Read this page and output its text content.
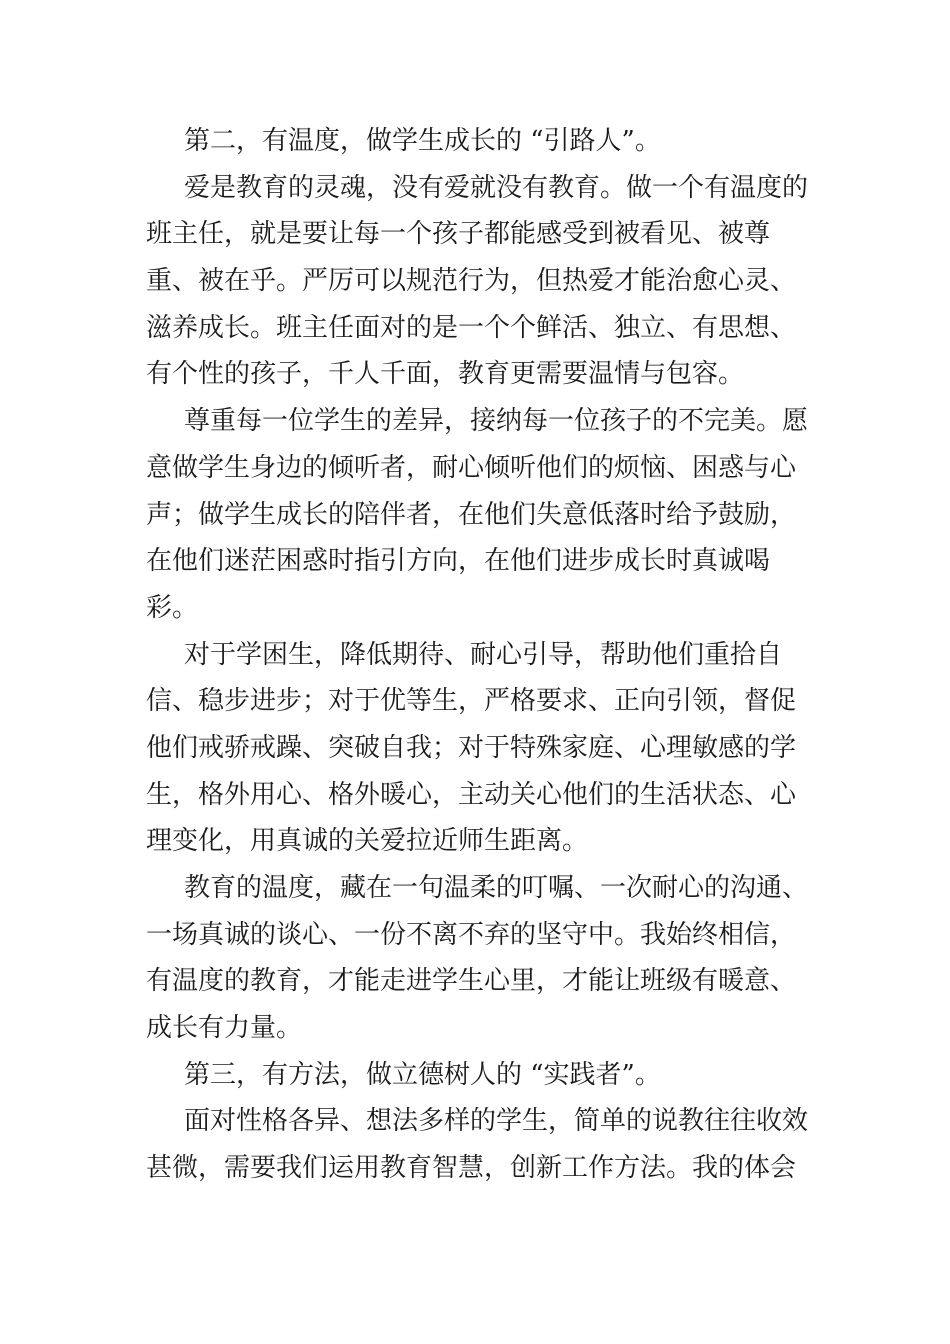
第二，有温度，做学生成长的 “引路人”。
爱是教育的灵魂，没有爱就没有教育。做一个有温度的
班主任，就是要让每一个孩子都能感受到被看见、被尊
重、被在乎。严厉可以规范行为，但热爱才能治愈心灵、
滋养成长。班主任面对的是一个个鲜活、独立、有思想、
有个性的孩子，千人千面，教育更需要温情与包容。
尊重每一位学生的差异，接纳每一位孩子的不完美。愿
意做学生身边的倾听者，耐心倾听他们的烦恼、困惑与心
声；做学生成长的陪伴者，在他们失意低落时给予鼓励，
在他们迷茫困惑时指引方向，在他们进步成长时真诚喝
彩。
对于学困生，降低期待、耐心引导，帮助他们重拾自
信、稳步进步；对于优等生，严格要求、正向引领，督促
他们戒骄戒躁、突破自我；对于特殊家庭、心理敏感的学
生，格外用心、格外暖心，主动关心他们的生活状态、心
理变化，用真诚的关爱拉近师生距离。
教育的温度，藏在一句温柔的叮嘱、一次耐心的沟通、
一场真诚的谈心、一份不离不弃的坚守中。我始终相信，
有温度的教育，才能走进学生心里，才能让班级有暖意、
成长有力量。
第三，有方法，做立德树人的 “实践者”。
面对性格各异、想法多样的学生，简单的说教往往收效
甚微，需要我们运用教育智慧，创新工作方法。我的体会
